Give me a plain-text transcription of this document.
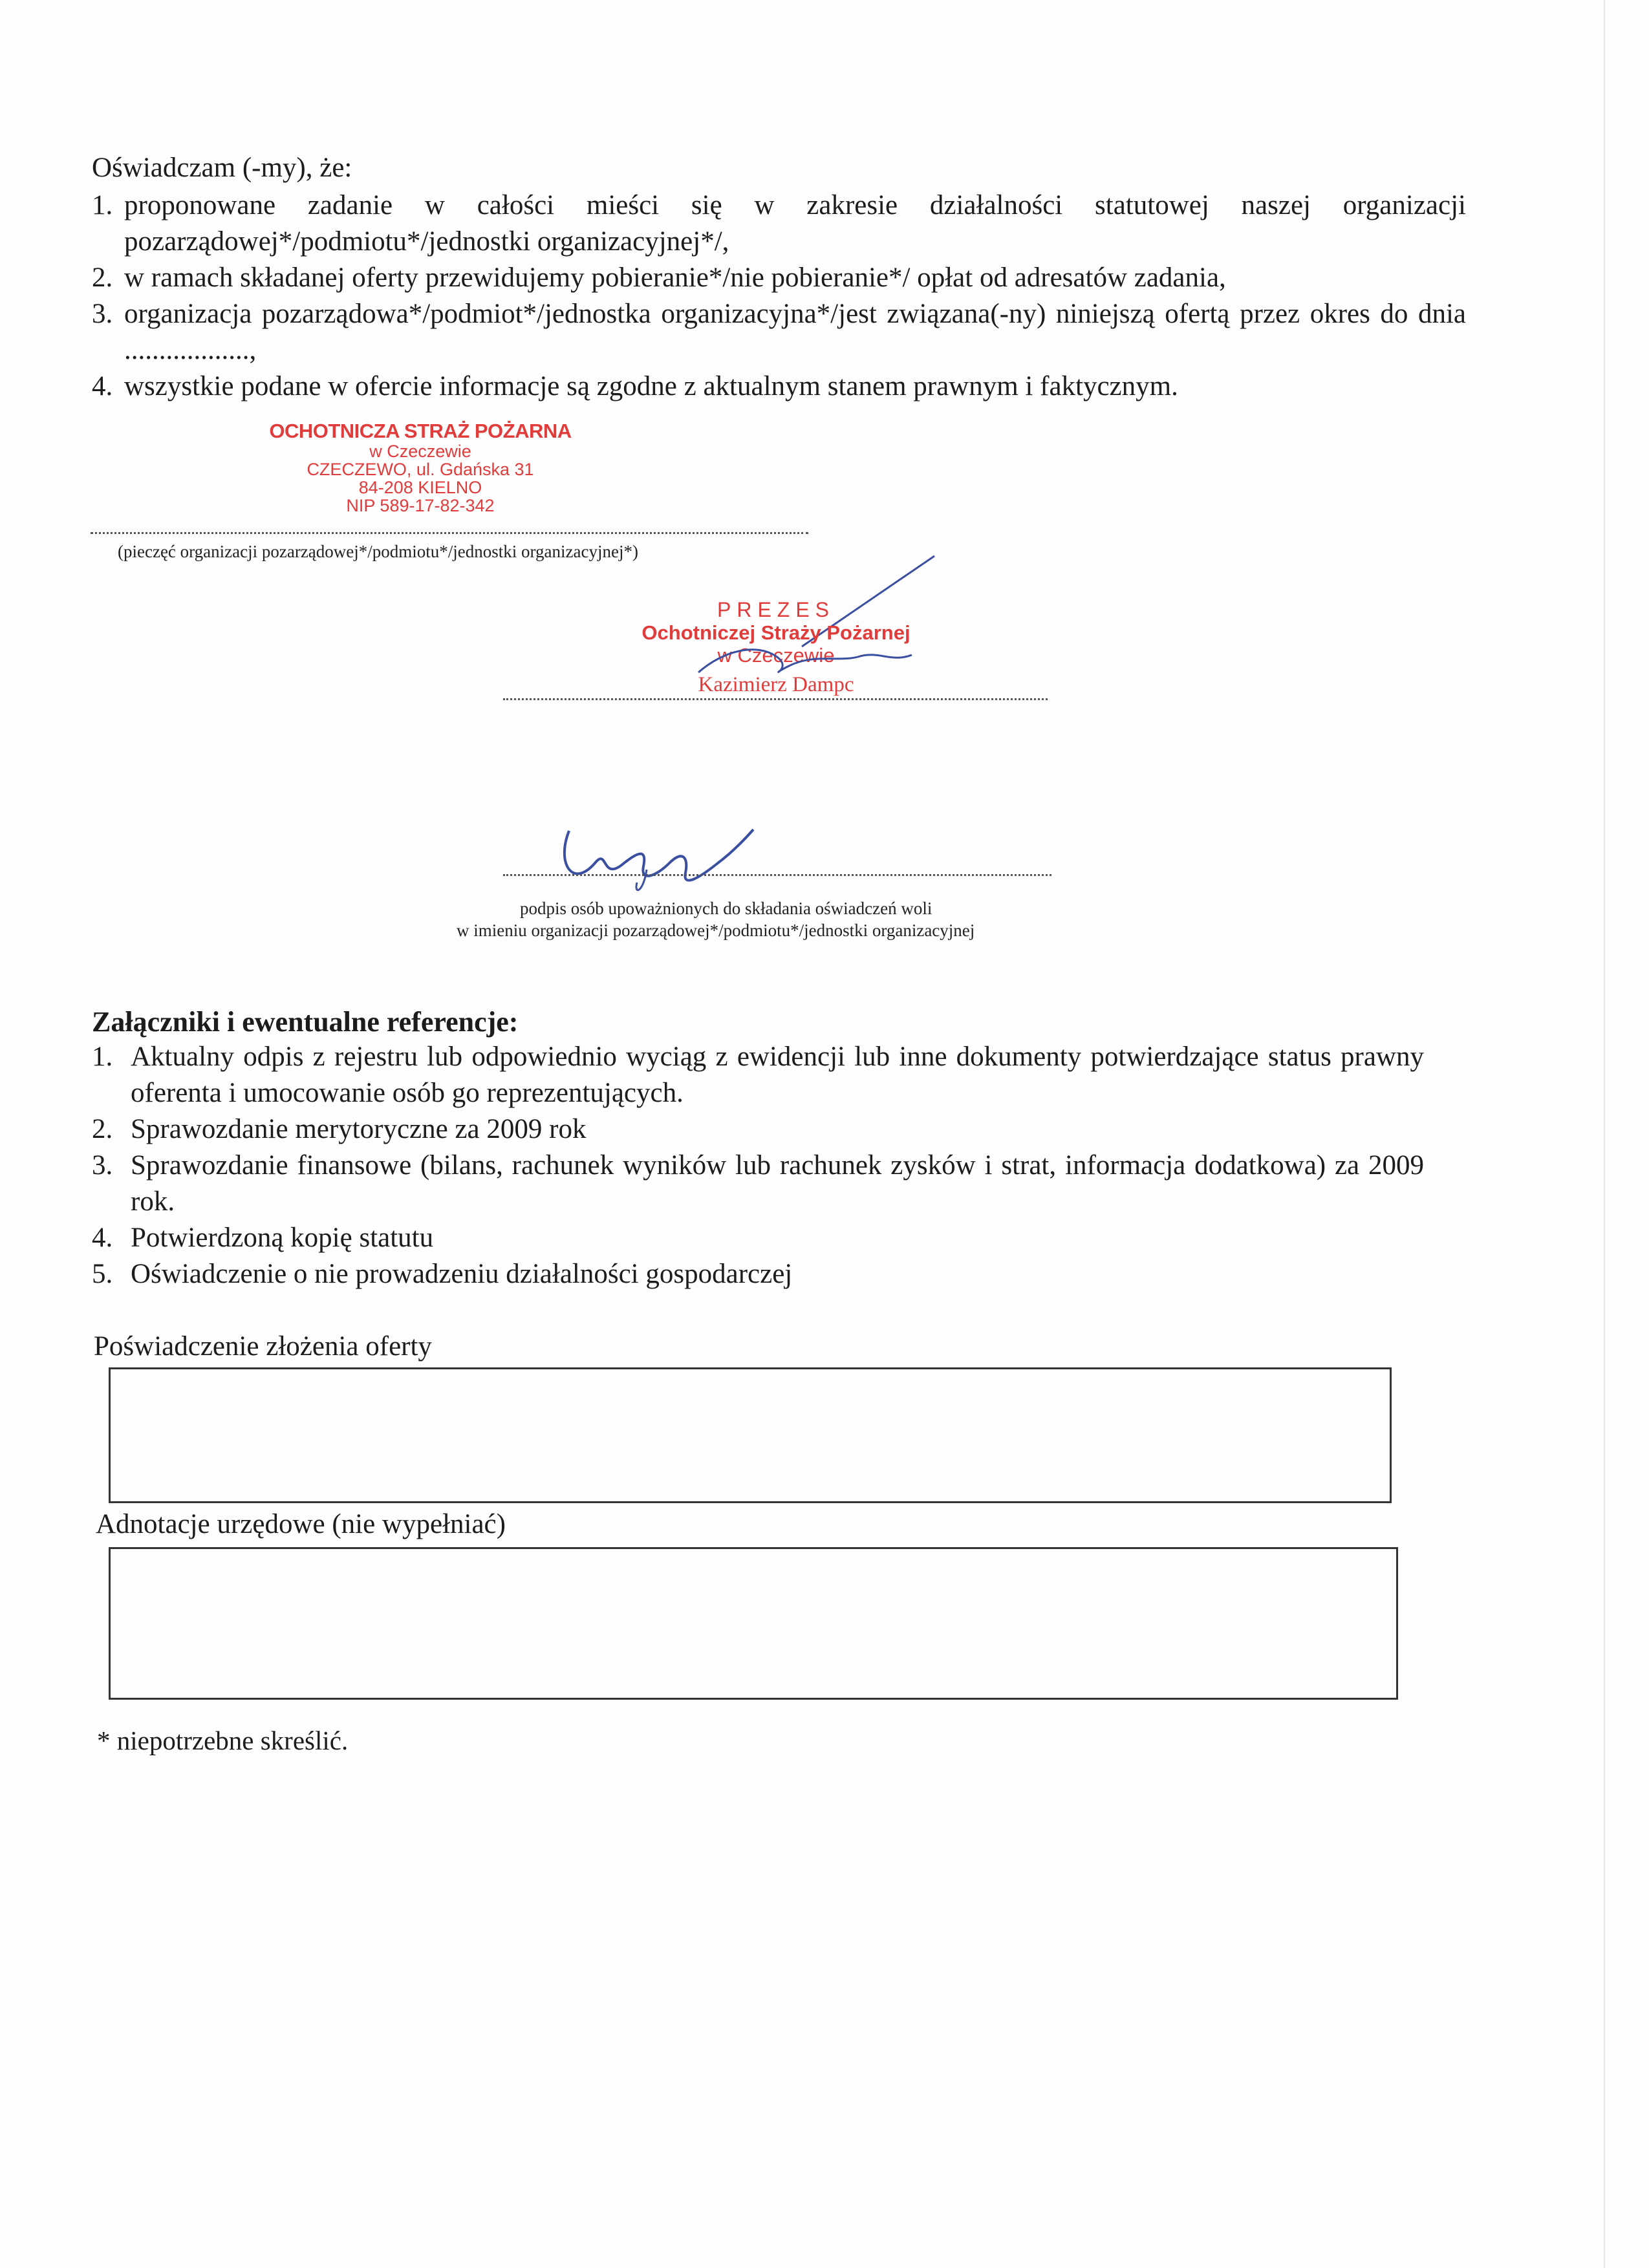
Oświadczam (-my), że:
1. proponowane zadanie w całości mieści się w zakresie działalności statutowej naszej organizacji pozarządowej*/podmiotu*/jednostki organizacyjnej*/,
2. w ramach składanej oferty przewidujemy pobieranie*/nie pobieranie*/ opłat od adresatów zadania,
3. organizacja pozarządowa*/podmiot*/jednostka organizacyjna*/jest związana(-ny) niniejszą ofertą przez okres do dnia ..................,
4. wszystkie podane w ofercie informacje są zgodne z aktualnym stanem prawnym i faktycznym.
OCHOTNICZA STRAŻ POŻARNA
w Czeczewie
CZECZEWO, ul. Gdańska 31
84-208 KIELNO
NIP 589-17-82-342
(pieczęć organizacji pozarządowej*/podmiotu*/jednostki organizacyjnej*)
PREZES
Ochotniczej Straży Pożarnej
w Czeczewie
Kazimierz Dampc
podpis osób upoważnionych do składania oświadczeń woli
w imieniu organizacji pozarządowej*/podmiotu*/jednostki organizacyjnej
Załączniki i ewentualne referencje:
1. Aktualny odpis z rejestru lub odpowiednio wyciąg z ewidencji lub inne dokumenty potwierdzające status prawny oferenta i umocowanie osób go reprezentujących.
2. Sprawozdanie merytoryczne za 2009 rok
3. Sprawozdanie finansowe (bilans, rachunek wyników lub rachunek zysków i strat, informacja dodatkowa) za 2009 rok.
4. Potwierdzoną kopię statutu
5. Oświadczenie o nie prowadzeniu działalności gospodarczej
Poświadczenie złożenia oferty
Adnotacje urzędowe (nie wypełniać)
* niepotrzebne skreślić.
